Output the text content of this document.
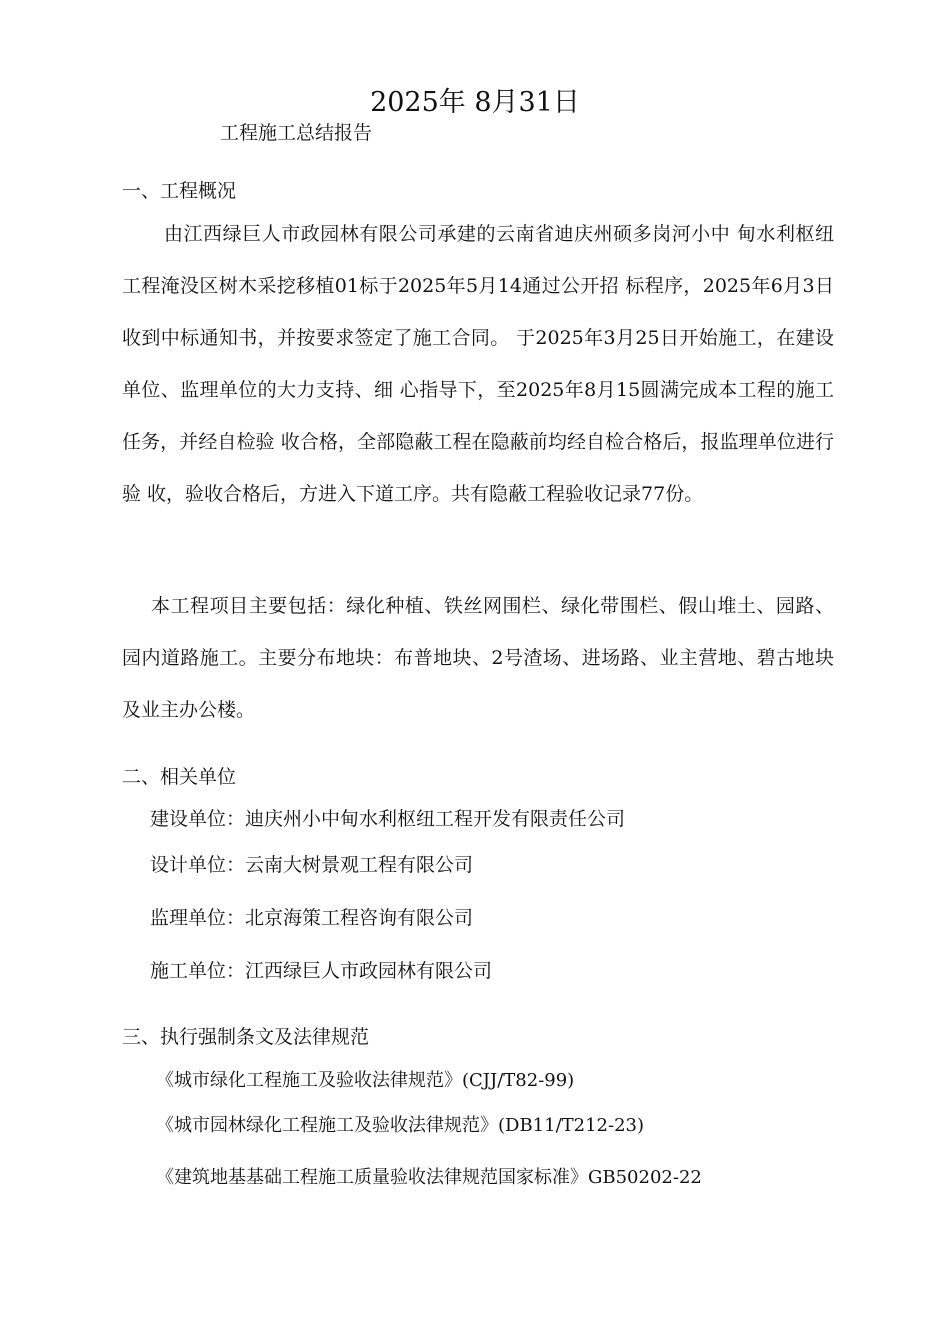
2025年 8月31日
工程施工总结报告
一、工程概况

由江西绿巨人市政园林有限公司承建的云南省迪庆州硕多岗河小中 甸水利枢纽工程淹没区树木采挖移植01标于2025年5月14通过公开招 标程序，2025年6月3日收到中标通知书，并按要求签定了施工合同。 于2025年3月25日开始施工，在建设单位、监理单位的大力支持、细 心指导下，至2025年8月15圆满完成本工程的施工任务，并经自检验 收合格，全部隐蔽工程在隐蔽前均经自检合格后，报监理单位进行验 收，验收合格后，方进入下道工序。共有隐蔽工程验收记录77份。

本工程项目主要包括：绿化种植、铁丝网围栏、绿化带围栏、假山堆土、园路、园内道路施工。主要分布地块：布普地块、2号渣场、进场路、业主营地、碧古地块及业主办公楼。

二、相关单位
建设单位：迪庆州小中甸水利枢纽工程开发有限责任公司
设计单位：云南大树景观工程有限公司
监理单位：北京海策工程咨询有限公司
施工单位：江西绿巨人市政园林有限公司
三、执行强制条文及法律规范
《城市绿化工程施工及验收法律规范》(CJJ/T82-99)
《城市园林绿化工程施工及验收法律规范》(DB11/T212-23)
《建筑地基基础工程施工质量验收法律规范国家标准》GB50202-22
